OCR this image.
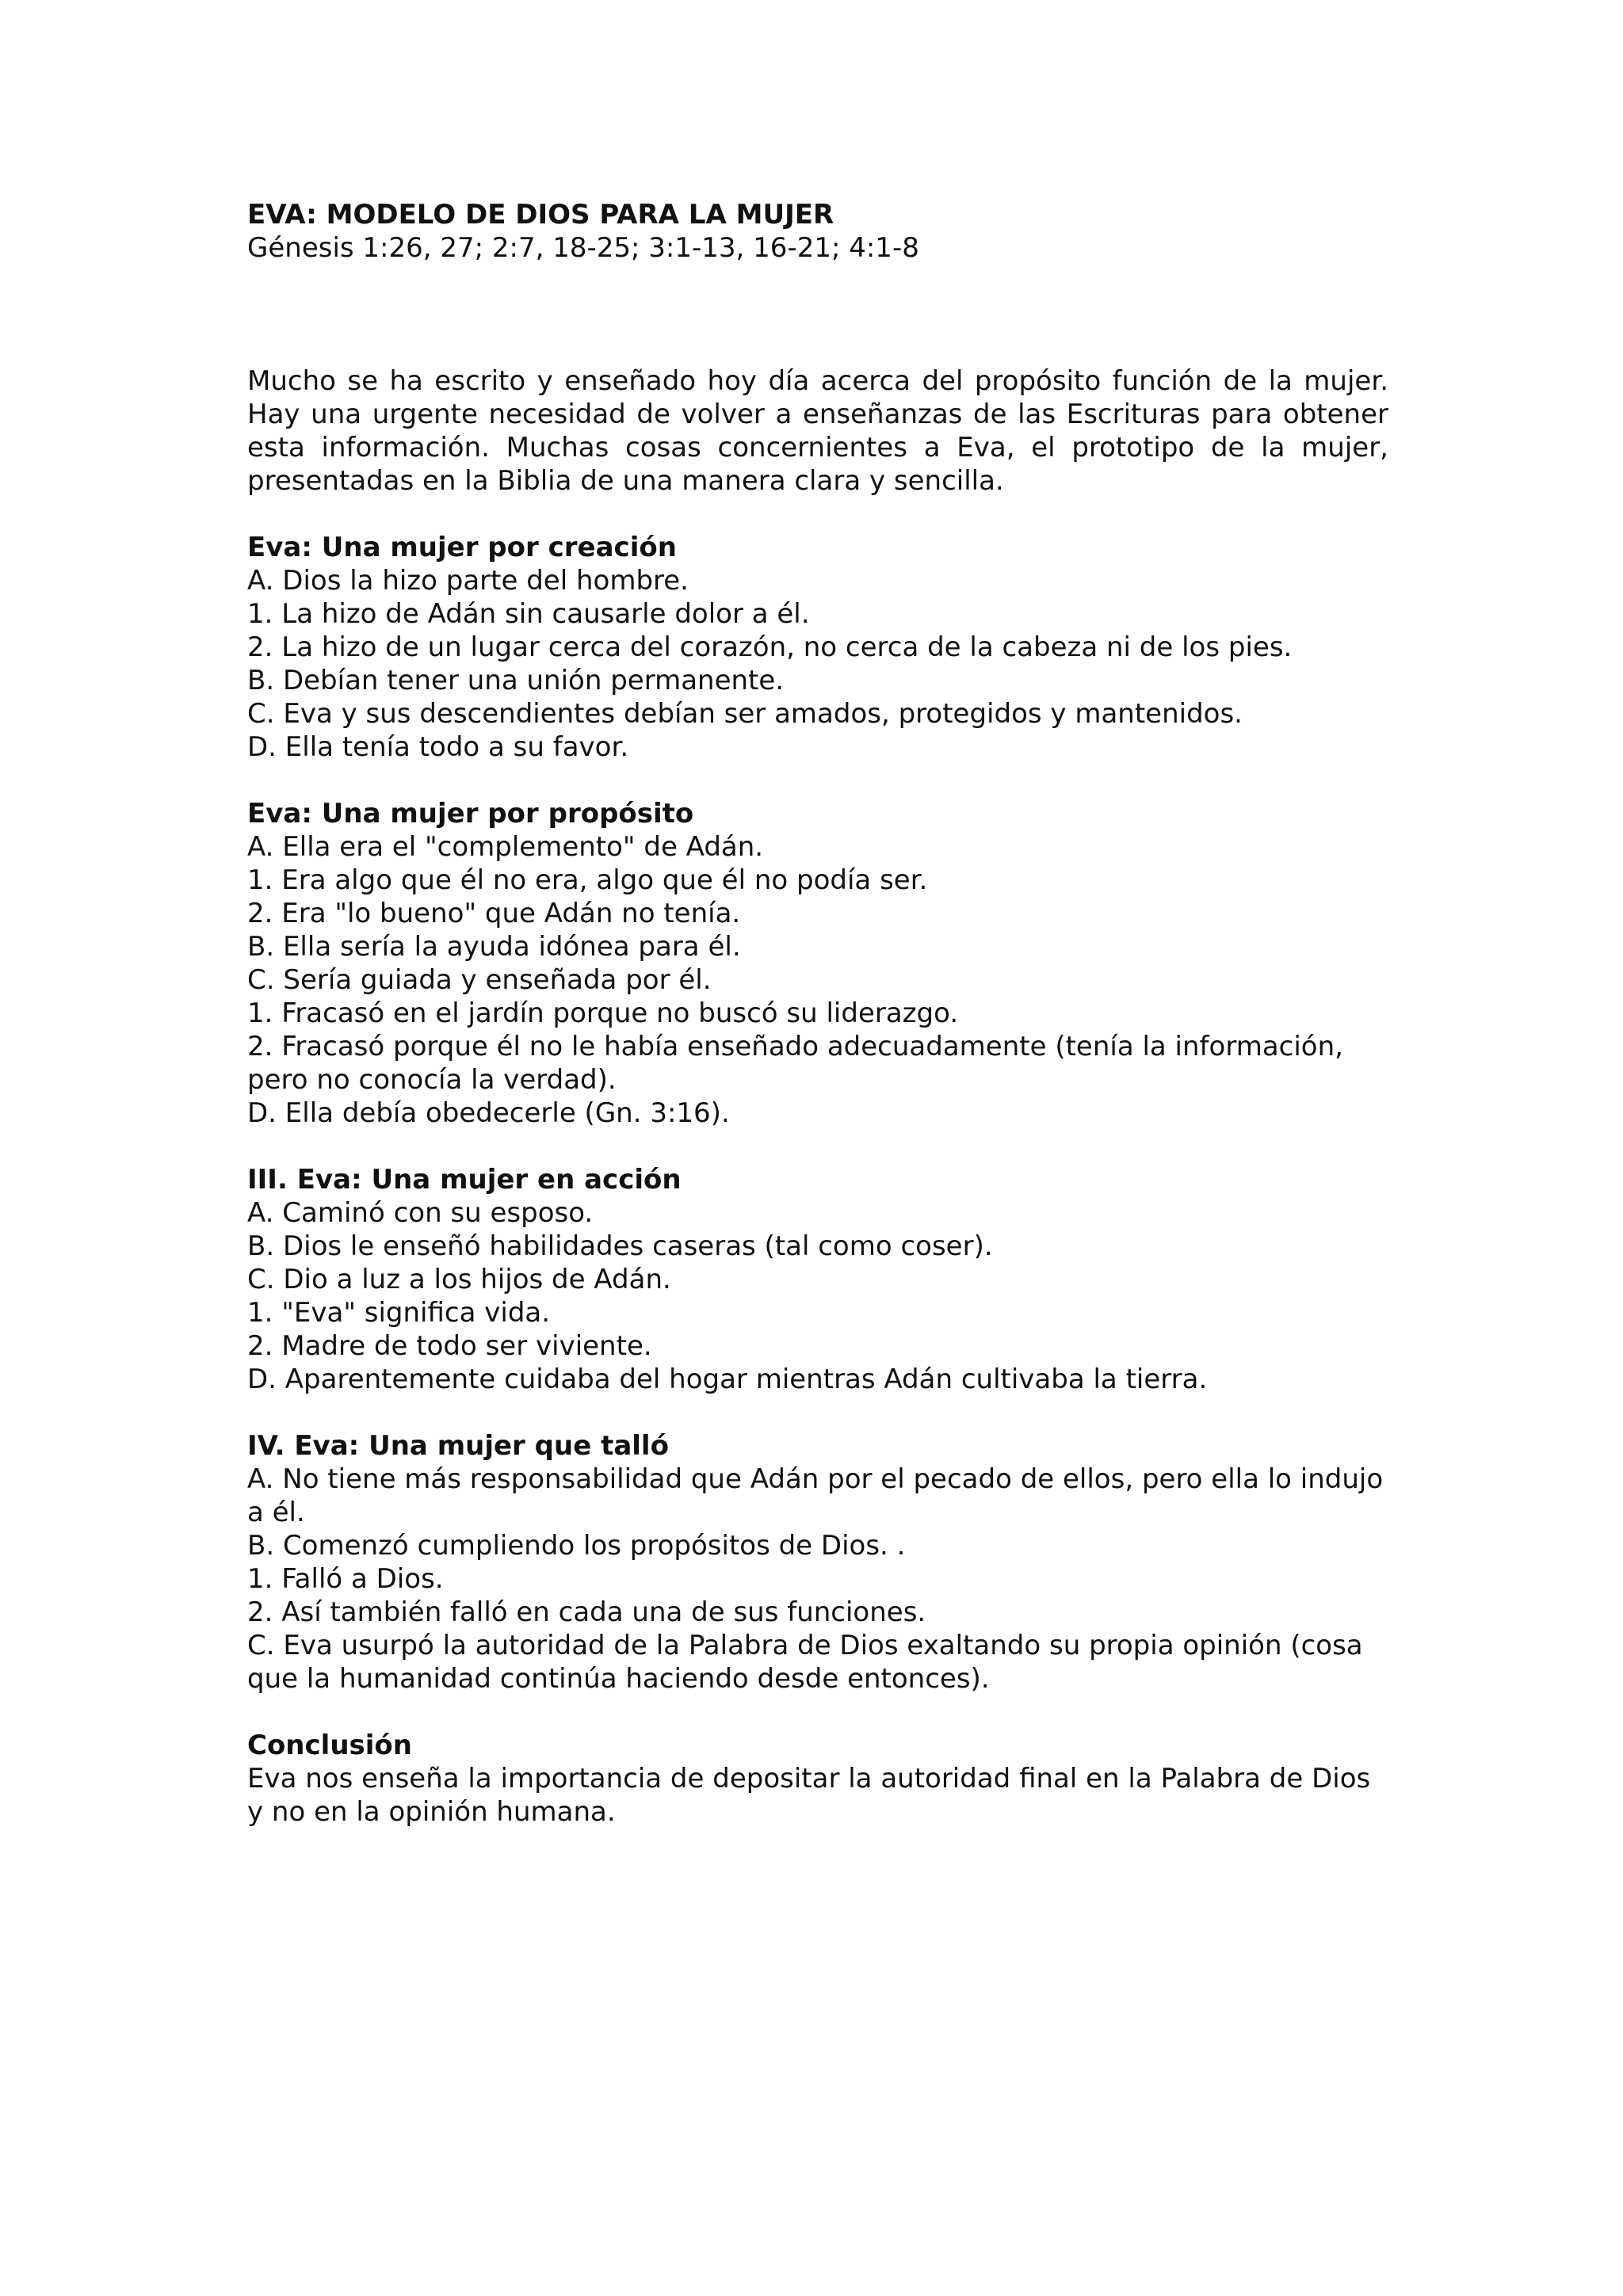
EVA: MODELO DE DIOS PARA LA MUJER

Génesis 1:26, 27; 2:7, 18-25; 3:1-13, 16-21; 4:1-8

Mucho se ha escrito y enseñado hoy día acerca del propósito función de la mujer. Hay una urgente necesidad de volver a enseñanzas de las Escrituras para obtener esta información. Muchas cosas concernientes a Eva, el prototipo de la mujer, presentadas en la Biblia de una manera clara y sencilla.

Eva: Una mujer por creación

A. Dios la hizo parte del hombre.

1. La hizo de Adán sin causarle dolor a él.

2. La hizo de un lugar cerca del corazón, no cerca de la cabeza ni de los pies.

B. Debían tener una unión permanente.

C. Eva y sus descendientes debían ser amados, protegidos y mantenidos.

D. Ella tenía todo a su favor.

Eva: Una mujer por propósito

A. Ella era el "complemento" de Adán.

1. Era algo que él no era, algo que él no podía ser.

2. Era "lo bueno" que Adán no tenía.

B. Ella sería la ayuda idónea para él.

C. Sería guiada y enseñada por él.

1. Fracasó en el jardín porque no buscó su liderazgo.

2. Fracasó porque él no le había enseñado adecuadamente (tenía la información, pero no conocía la verdad).

D. Ella debía obedecerle (Gn. 3:16).

III. Eva: Una mujer en acción

A. Caminó con su esposo.

B. Dios le enseñó habilidades caseras (tal como coser).

C. Dio a luz a los hijos de Adán.

1. "Eva" significa vida.

2. Madre de todo ser viviente.

D. Aparentemente cuidaba del hogar mientras Adán cultivaba la tierra.

IV. Eva: Una mujer que talló

A. No tiene más responsabilidad que Adán por el pecado de ellos, pero ella lo indujo a él.

B. Comenzó cumpliendo los propósitos de Dios. .

1. Falló a Dios.

2. Así también falló en cada una de sus funciones.

C. Eva usurpó la autoridad de la Palabra de Dios exaltando su propia opinión (cosa que la humanidad continúa haciendo desde entonces).

Conclusión

Eva nos enseña la importancia de depositar la autoridad final en la Palabra de Dios y no en la opinión humana.
